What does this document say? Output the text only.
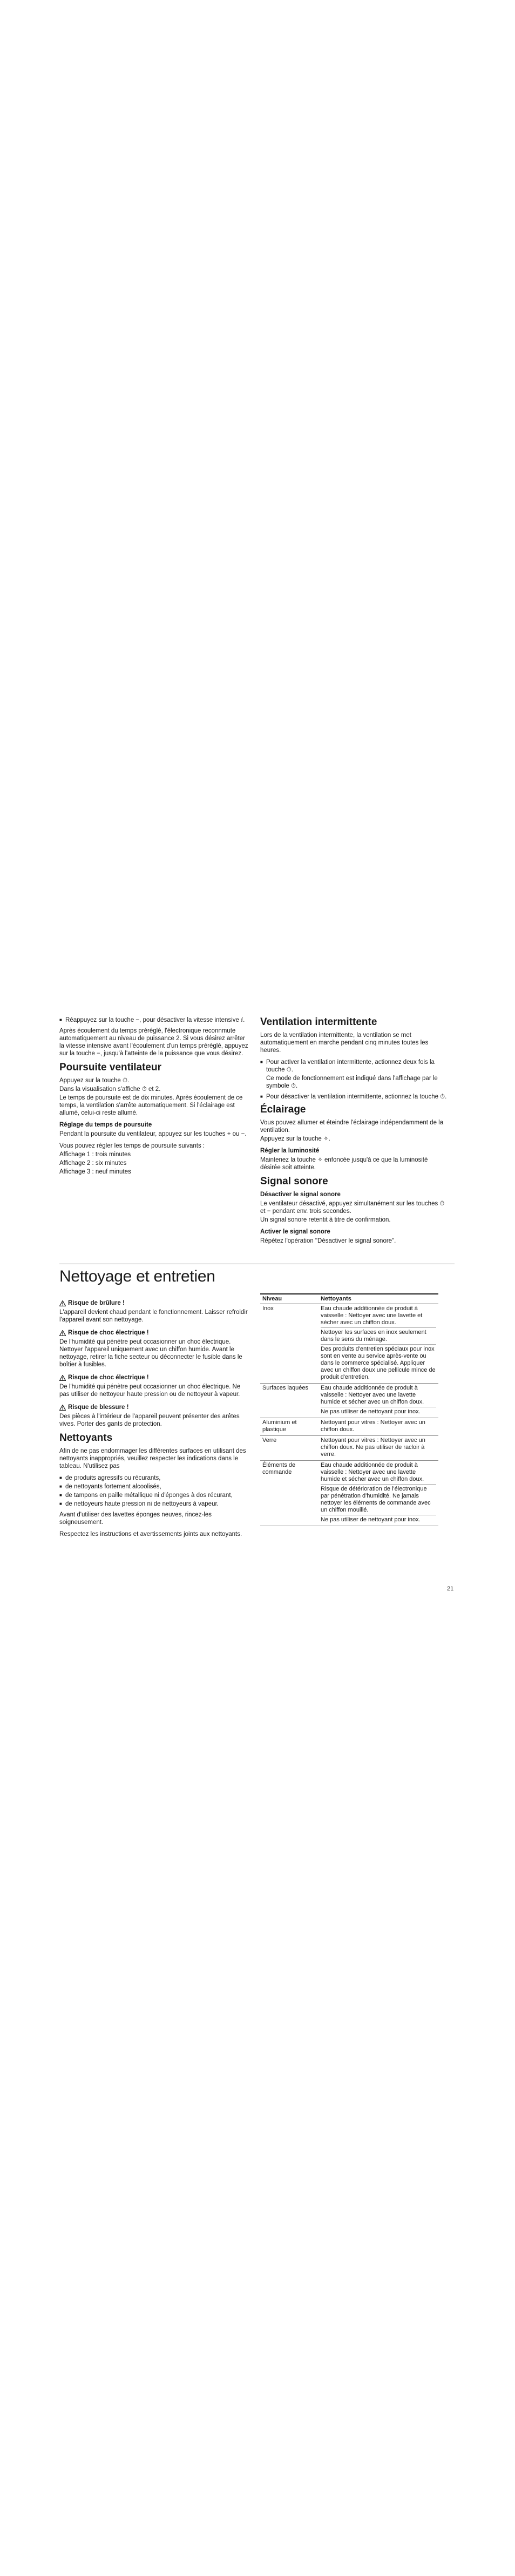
■ Réappuyez sur la touche −, pour désactiver la vitesse intensive ⅈ.

Après écoulement du temps préréglé, l'électronique reconnmute automatiquement au niveau de puissance 2. Si vous désirez arrêter la vitesse intensive avant l'écoulement d'un temps préréglé, appuyez sur la touche −, jusqu'à l'atteinte de la puissance que vous désirez.

Poursuite ventilateur

Appuyez sur la touche ⏱.

Dans la visualisation s'affiche ⏱ et 2.

Le temps de poursuite est de dix minutes. Après écoulement de ce temps, la ventilation s'arrête automatiquement. Si l'éclairage est allumé, celui-ci reste allumé.

Réglage du temps de poursuite

Pendant la poursuite du ventilateur, appuyez sur les touches + ou −.

Vous pouvez régler les temps de poursuite suivants :

Affichage 1 : trois minutes

Affichage 2 : six minutes

Affichage 3 : neuf minutes

Ventilation intermittente

Lors de la ventilation intermittente, la ventilation se met automatiquement en marche pendant cinq minutes toutes les heures.

■ Pour activer la ventilation intermittente, actionnez deux fois la touche ⏱.
Ce mode de fonctionnement est indiqué dans l'affichage par le symbole ⏱.
■ Pour désactiver la ventilation intermittente, actionnez la touche ⏱.
Éclairage

Vous pouvez allumer et éteindre l'éclairage indépendamment de la ventilation.

Appuyez sur la touche ✧.

Régler la luminosité

Maintenez la touche ✧ enfoncée jusqu'à ce que la luminosité désirée soit atteinte.

Signal sonore
Désactiver le signal sonore

Le ventilateur désactivé, appuyez simultanément sur les touches ⏱ et − pendant env. trois secondes.

Un signal sonore retentit à titre de confirmation.

Activer le signal sonore

Répétez l'opération "Désactiver le signal sonore".

Nettoyage et entretien
Risque de brûlure !

L'appareil devient chaud pendant le fonctionnement. Laisser refroidir l'appareil avant son nettoyage.

Risque de choc électrique !

De l'humidité qui pénètre peut occasionner un choc électrique. Nettoyer l'appareil uniquement avec un chiffon humide. Avant le nettoyage, retirer la fiche secteur ou déconnecter le fusible dans le boîtier à fusibles.

Risque de choc électrique !

De l'humidité qui pénètre peut occasionner un choc électrique. Ne pas utiliser de nettoyeur haute pression ou de nettoyeur à vapeur.

Risque de blessure !

Des pièces à l'intérieur de l'appareil peuvent présenter des arêtes vives. Porter des gants de protection.

Nettoyants

Afin de ne pas endommager les différentes surfaces en utilisant des nettoyants inappropriés, veuillez respecter les indications dans le tableau. N'utilisez pas

■ de produits agressifs ou récurants,
■ de nettoyants fortement alcoolisés,
■ de tampons en paille métallique ni d'éponges à dos récurant,
■ de nettoyeurs haute pression ni de nettoyeurs à vapeur.

Avant d'utiliser des lavettes éponges neuves, rincez-les soigneusement.

Respectez les instructions et avertissements joints aux nettoyants.

Niveau	Nettoyants
Inox	Eau chaude additionnée de produit à vaisselle : Nettoyer avec une lavette et sécher avec un chiffon doux.
Nettoyer les surfaces en inox seulement dans le sens du ménage.
Des produits d'entretien spéciaux pour inox sont en vente au service après-vente ou dans le commerce spécialisé. Appliquer avec un chiffon doux une pellicule mince de produit d'entretien.

Surfaces laquées	Eau chaude additionnée de produit à vaisselle : Nettoyer avec une lavette humide et sécher avec un chiffon doux.
Ne pas utiliser de nettoyant pour inox.

Aluminium et plastique	Nettoyant pour vitres : Nettoyer avec un chiffon doux.

Verre	Nettoyant pour vitres : Nettoyer avec un chiffon doux. Ne pas utiliser de racloir à verre.

Éléments de commande	Eau chaude additionnée de produit à vaisselle : Nettoyer avec une lavette humide et sécher avec un chiffon doux.
Risque de détérioration de l'électronique par pénétration d'humidité. Ne jamais nettoyer les éléments de commande avec un chiffon mouillé.
Ne pas utiliser de nettoyant pour inox.
21
